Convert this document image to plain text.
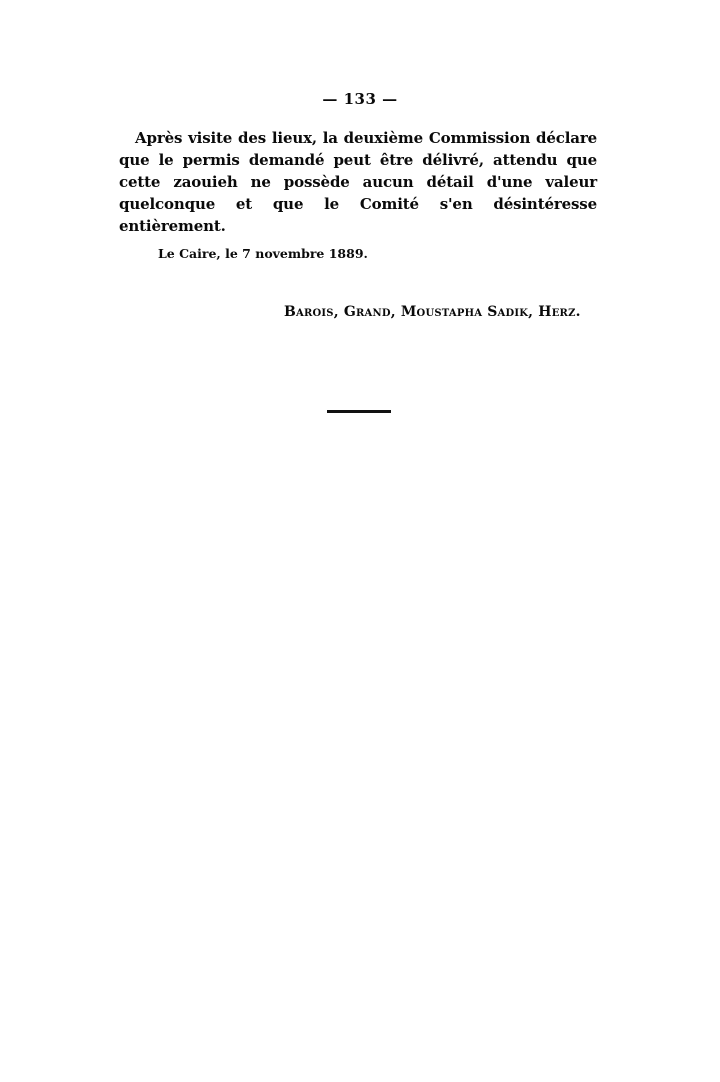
— 133 —

Après visite des lieux, la deuxième Commission déclare que le permis demandé peut être délivré, attendu que cette zaouieh ne possède aucun détail d'une valeur quelconque et que le Comité s'en désintéresse entièrement.

Le Caire, le 7 novembre 1889.
Barois, Grand, Moustapha Sadik, Herz.
